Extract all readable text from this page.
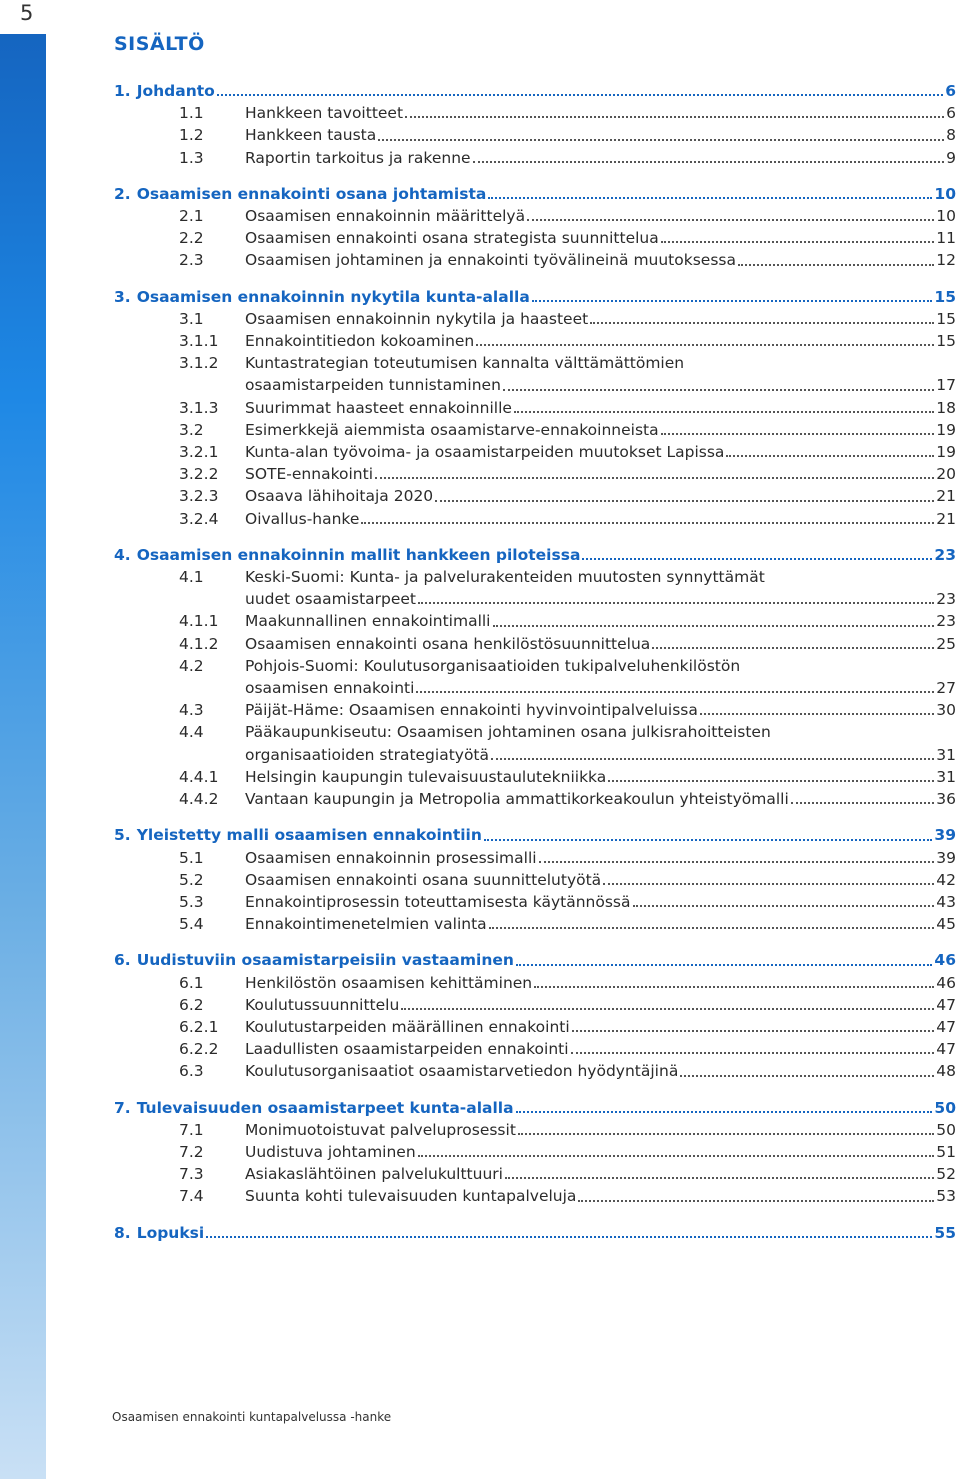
5
SISÄLTÖ
1. Johdanto	6
1.1	Hankkeen tavoitteet	6
1.2	Hankkeen tausta	8
1.3	Raportin tarkoitus ja rakenne	9
2. Osaamisen ennakointi osana johtamista	10
2.1	Osaamisen ennakoinnin määrittelyä	10
2.2	Osaamisen ennakointi osana strategista suunnittelua	11
2.3	Osaamisen johtaminen ja ennakointi työvälineinä muutoksessa	12
3. Osaamisen ennakoinnin nykytila kunta-alalla	15
3.1	Osaamisen ennakoinnin nykytila ja haasteet	15
3.1.1	Ennakointitiedon kokoaminen	15
3.1.2	Kuntastrategian toteutumisen kannalta välttämättömien
osaamistarpeiden tunnistaminen	17
3.1.3	Suurimmat haasteet ennakoinnille	18
3.2	Esimerkkejä aiemmista osaamistarve-ennakoinneista	19
3.2.1	Kunta-alan työvoima- ja osaamistarpeiden muutokset Lapissa	19
3.2.2	SOTE-ennakointi	20
3.2.3	Osaava lähihoitaja 2020	21
3.2.4	Oivallus-hanke	21
4. Osaamisen ennakoinnin mallit hankkeen piloteissa	23
4.1	Keski-Suomi: Kunta- ja palvelurakenteiden muutosten synnyttämät
uudet osaamistarpeet	23
4.1.1	Maakunnallinen ennakointimalli	23
4.1.2	Osaamisen ennakointi osana henkilöstösuunnittelua	25
4.2	Pohjois-Suomi: Koulutusorganisaatioiden tukipalveluhenkilöstön
osaamisen ennakointi	27
4.3	Päijät-Häme: Osaamisen ennakointi hyvinvointipalveluissa	30
4.4	Pääkaupunkiseutu: Osaamisen johtaminen osana julkisrahoitteisten
organisaatioiden strategiatyötä	31
4.4.1	Helsingin kaupungin tulevaisuustaulutekniikka	31
4.4.2	Vantaan kaupungin ja Metropolia ammattikorkeakoulun yhteistyömalli	36
5. Yleistetty malli osaamisen ennakointiin	39
5.1	Osaamisen ennakoinnin prosessimalli	39
5.2	Osaamisen ennakointi osana suunnittelutyötä	42
5.3	Ennakointiprosessin toteuttamisesta käytännössä	43
5.4	Ennakointimenetelmien valinta	45
6. Uudistuviin osaamistarpeisiin vastaaminen	46
6.1	Henkilöstön osaamisen kehittäminen	46
6.2	Koulutussuunnittelu	47
6.2.1	Koulutustarpeiden määrällinen ennakointi	47
6.2.2	Laadullisten osaamistarpeiden ennakointi	47
6.3	Koulutusorganisaatiot osaamistarvetiedon hyödyntäjinä	48
7. Tulevaisuuden osaamistarpeet kunta-alalla	50
7.1	Monimuotoistuvat palveluprosessit	50
7.2	Uudistuva johtaminen	51
7.3	Asiakaslähtöinen palvelukulttuuri	52
7.4	Suunta kohti tulevaisuuden kuntapalveluja	53
8. Lopuksi	55
Osaamisen ennakointi kuntapalvelussa -hanke
